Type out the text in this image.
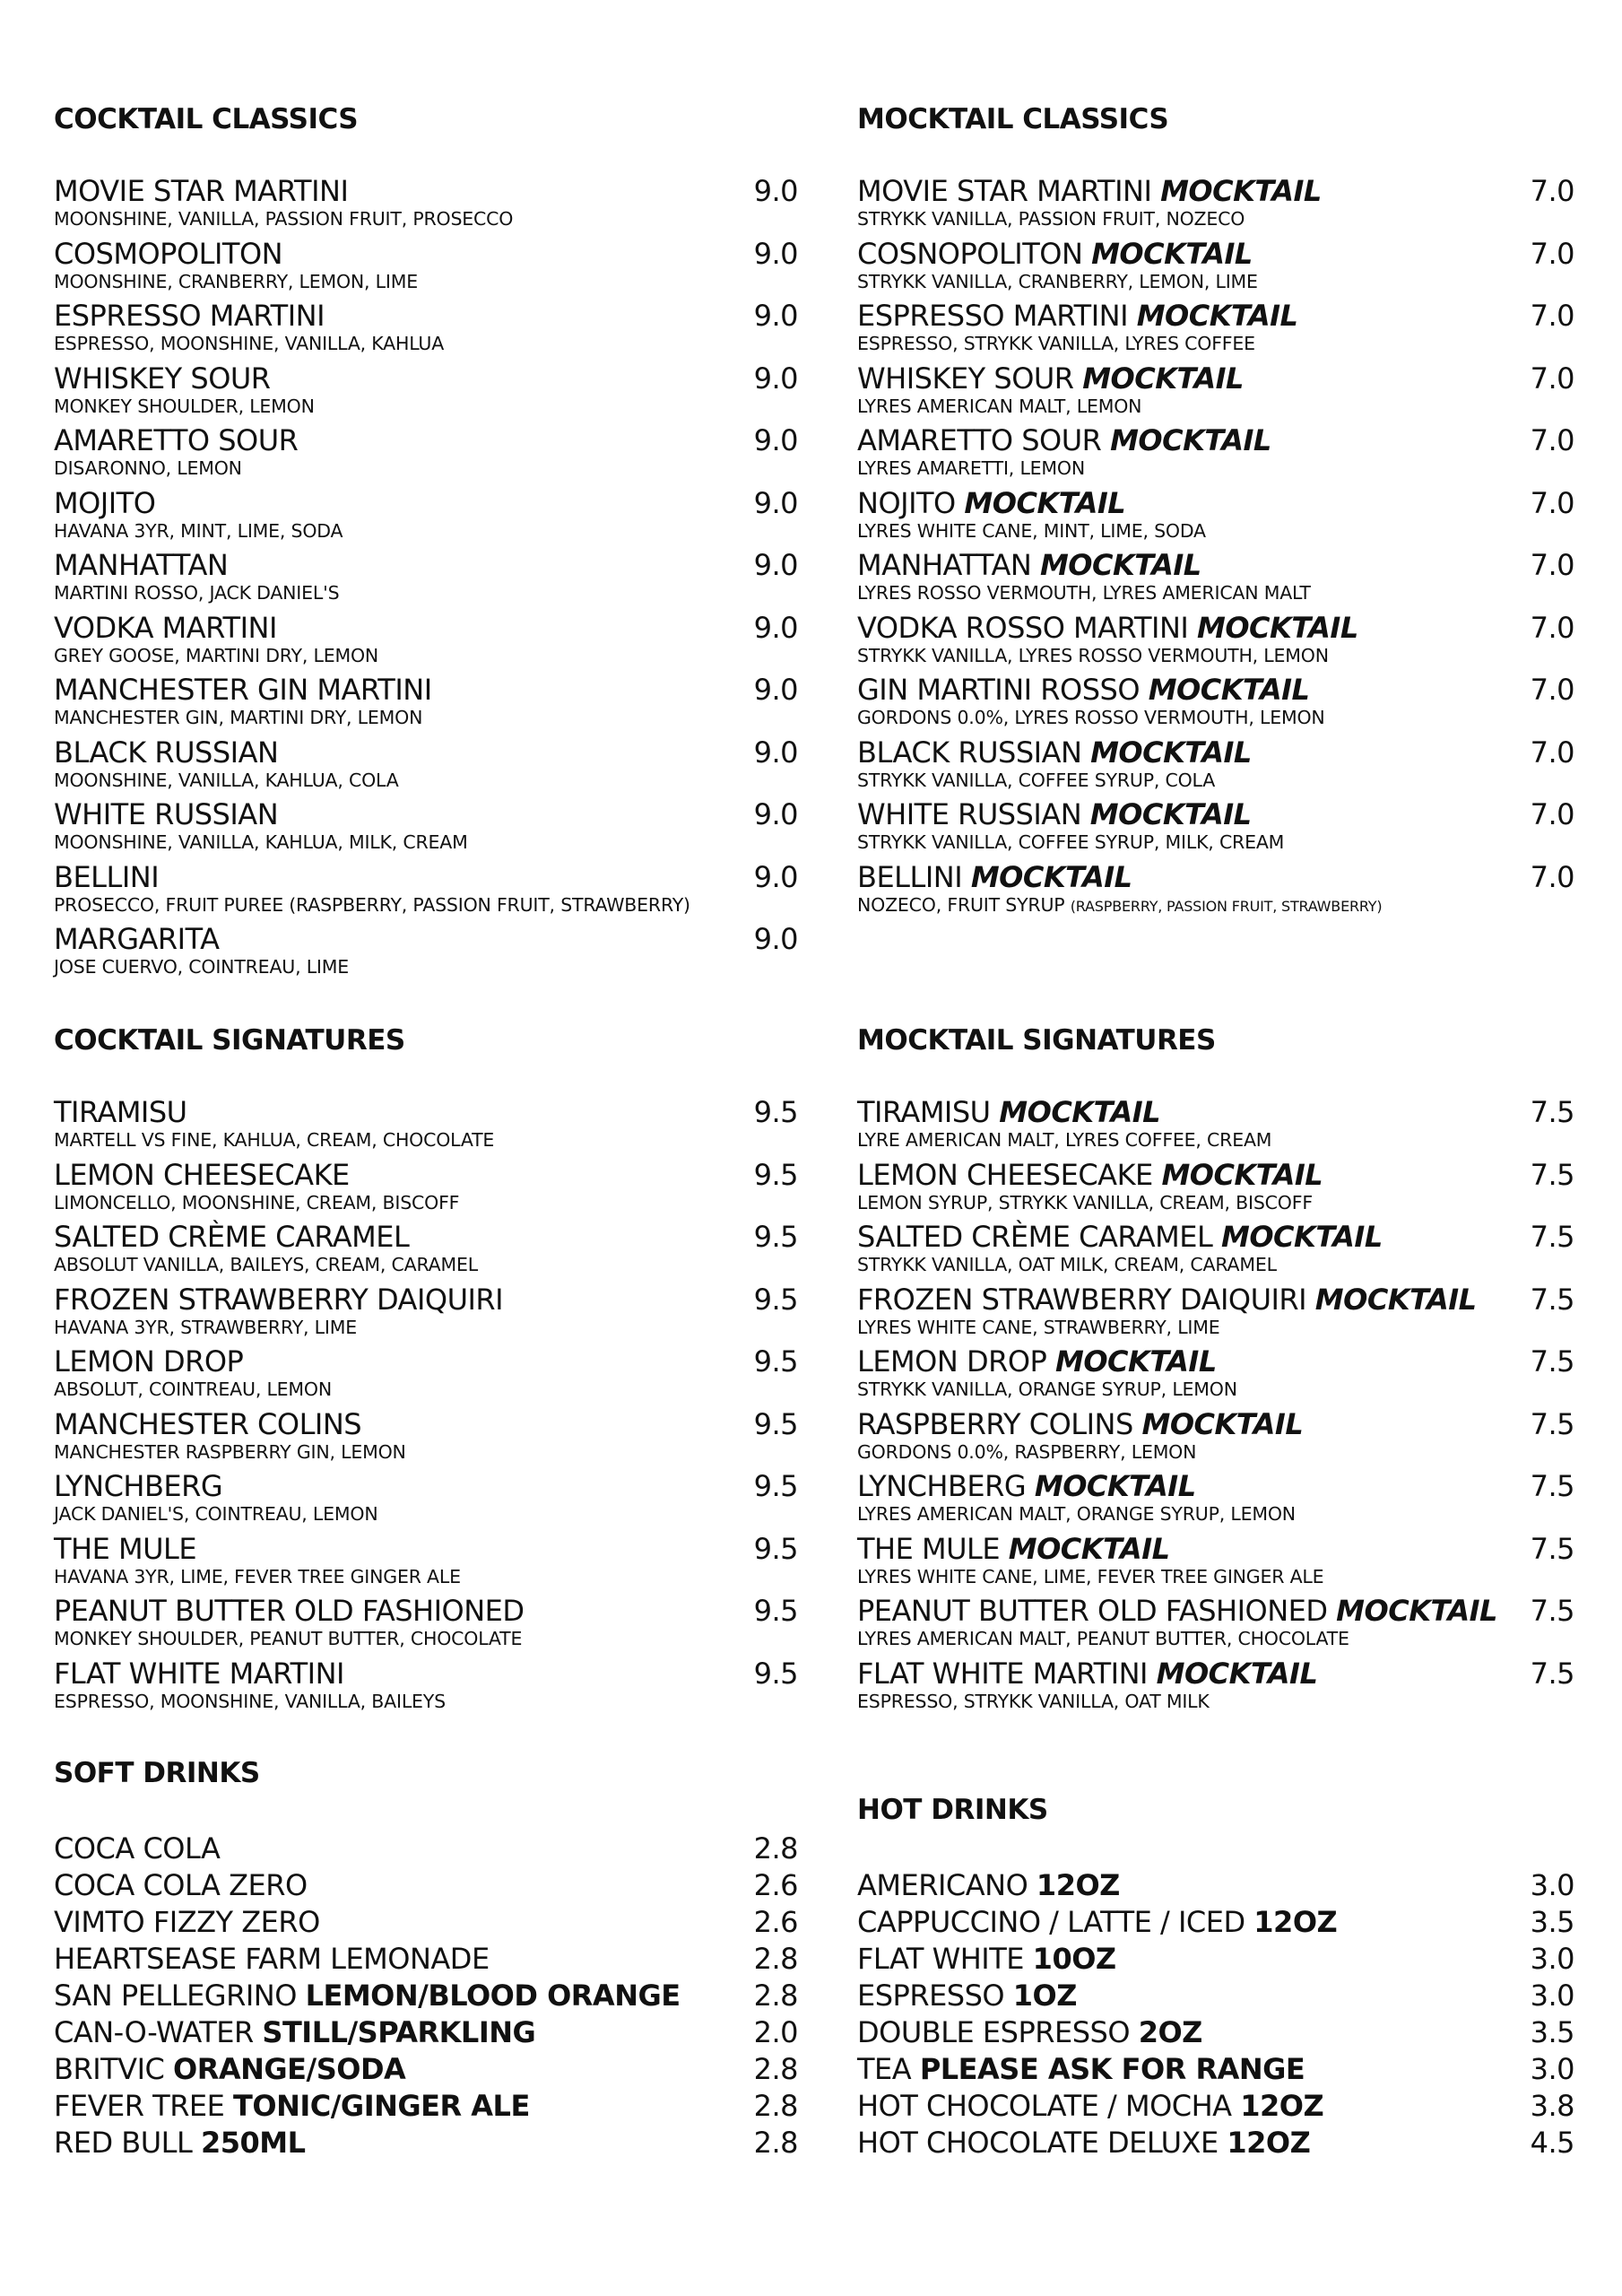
COCKTAIL CLASSICS
MOVIE STAR MARTINI	9.0
MOONSHINE, VANILLA, PASSION FRUIT, PROSECCO
COSMOPOLITON	9.0
MOONSHINE, CRANBERRY, LEMON, LIME
ESPRESSO MARTINI	9.0
ESPRESSO, MOONSHINE, VANILLA, KAHLUA
WHISKEY SOUR	9.0
MONKEY SHOULDER, LEMON
AMARETTO SOUR	9.0
DISARONNO, LEMON
MOJITO	9.0
HAVANA 3YR, MINT, LIME, SODA
MANHATTAN	9.0
MARTINI ROSSO, JACK DANIEL'S
VODKA MARTINI	9.0
GREY GOOSE, MARTINI DRY, LEMON
MANCHESTER GIN MARTINI	9.0
MANCHESTER GIN, MARTINI DRY, LEMON
BLACK RUSSIAN	9.0
MOONSHINE, VANILLA, KAHLUA, COLA
WHITE RUSSIAN	9.0
MOONSHINE, VANILLA, KAHLUA, MILK, CREAM
BELLINI	9.0
PROSECCO, FRUIT PUREE (RASPBERRY, PASSION FRUIT, STRAWBERRY)
MARGARITA	9.0
JOSE CUERVO, COINTREAU, LIME
COCKTAIL SIGNATURES
TIRAMISU	9.5
MARTELL VS FINE, KAHLUA, CREAM, CHOCOLATE
LEMON CHEESECAKE	9.5
LIMONCELLO, MOONSHINE, CREAM, BISCOFF
SALTED CRÈME CARAMEL	9.5
ABSOLUT VANILLA, BAILEYS, CREAM, CARAMEL
FROZEN STRAWBERRY DAIQUIRI	9.5
HAVANA 3YR, STRAWBERRY, LIME
LEMON DROP	9.5
ABSOLUT, COINTREAU, LEMON
MANCHESTER COLINS	9.5
MANCHESTER RASPBERRY GIN, LEMON
LYNCHBERG	9.5
JACK DANIEL'S, COINTREAU, LEMON
THE MULE	9.5
HAVANA 3YR, LIME, FEVER TREE GINGER ALE
PEANUT BUTTER OLD FASHIONED	9.5
MONKEY SHOULDER, PEANUT BUTTER, CHOCOLATE
FLAT WHITE MARTINI	9.5
ESPRESSO, MOONSHINE, VANILLA, BAILEYS
SOFT DRINKS
COCA COLA	2.8
COCA COLA ZERO	2.6
VIMTO FIZZY ZERO	2.6
HEARTSEASE FARM LEMONADE	2.8
SAN PELLEGRINO LEMON/BLOOD ORANGE	2.8
CAN-O-WATER STILL/SPARKLING	2.0
BRITVIC ORANGE/SODA	2.8
FEVER TREE TONIC/GINGER ALE	2.8
RED BULL 250ML	2.8
MOCKTAIL CLASSICS
MOVIE STAR MARTINI MOCKTAIL	7.0
STRYKK VANILLA, PASSION FRUIT, NOZECO
COSNOPOLITON MOCKTAIL	7.0
STRYKK VANILLA, CRANBERRY, LEMON, LIME
ESPRESSO MARTINI MOCKTAIL	7.0
ESPRESSO, STRYKK VANILLA, LYRES COFFEE
WHISKEY SOUR MOCKTAIL	7.0
LYRES AMERICAN MALT, LEMON
AMARETTO SOUR MOCKTAIL	7.0
LYRES AMARETTI, LEMON
NOJITO MOCKTAIL	7.0
LYRES WHITE CANE, MINT, LIME, SODA
MANHATTAN MOCKTAIL	7.0
LYRES ROSSO VERMOUTH, LYRES AMERICAN MALT
VODKA ROSSO MARTINI MOCKTAIL	7.0
STRYKK VANILLA, LYRES ROSSO VERMOUTH, LEMON
GIN MARTINI ROSSO MOCKTAIL	7.0
GORDONS 0.0%, LYRES ROSSO VERMOUTH, LEMON
BLACK RUSSIAN MOCKTAIL	7.0
STRYKK VANILLA, COFFEE SYRUP, COLA
WHITE RUSSIAN MOCKTAIL	7.0
STRYKK VANILLA, COFFEE SYRUP, MILK, CREAM
BELLINI MOCKTAIL	7.0
NOZECO, FRUIT SYRUP (RASPBERRY, PASSION FRUIT, STRAWBERRY)
MOCKTAIL SIGNATURES
TIRAMISU MOCKTAIL	7.5
LYRE AMERICAN MALT, LYRES COFFEE, CREAM
LEMON CHEESECAKE MOCKTAIL	7.5
LEMON SYRUP, STRYKK VANILLA, CREAM, BISCOFF
SALTED CRÈME CARAMEL MOCKTAIL	7.5
STRYKK VANILLA, OAT MILK, CREAM, CARAMEL
FROZEN STRAWBERRY DAIQUIRI MOCKTAIL	7.5
LYRES WHITE CANE, STRAWBERRY, LIME
LEMON DROP MOCKTAIL	7.5
STRYKK VANILLA, ORANGE SYRUP, LEMON
RASPBERRY COLINS MOCKTAIL	7.5
GORDONS 0.0%, RASPBERRY, LEMON
LYNCHBERG MOCKTAIL	7.5
LYRES AMERICAN MALT, ORANGE SYRUP, LEMON
THE MULE MOCKTAIL	7.5
LYRES WHITE CANE, LIME, FEVER TREE GINGER ALE
PEANUT BUTTER OLD FASHIONED MOCKTAIL	7.5
LYRES AMERICAN MALT, PEANUT BUTTER, CHOCOLATE
FLAT WHITE MARTINI MOCKTAIL	7.5
ESPRESSO, STRYKK VANILLA, OAT MILK
HOT DRINKS
AMERICANO 12OZ	3.0
CAPPUCCINO / LATTE / ICED 12OZ	3.5
FLAT WHITE 10OZ	3.0
ESPRESSO 1OZ	3.0
DOUBLE ESPRESSO 2OZ	3.5
TEA PLEASE ASK FOR RANGE	3.0
HOT CHOCOLATE / MOCHA 12OZ	3.8
HOT CHOCOLATE DELUXE 12OZ	4.5
